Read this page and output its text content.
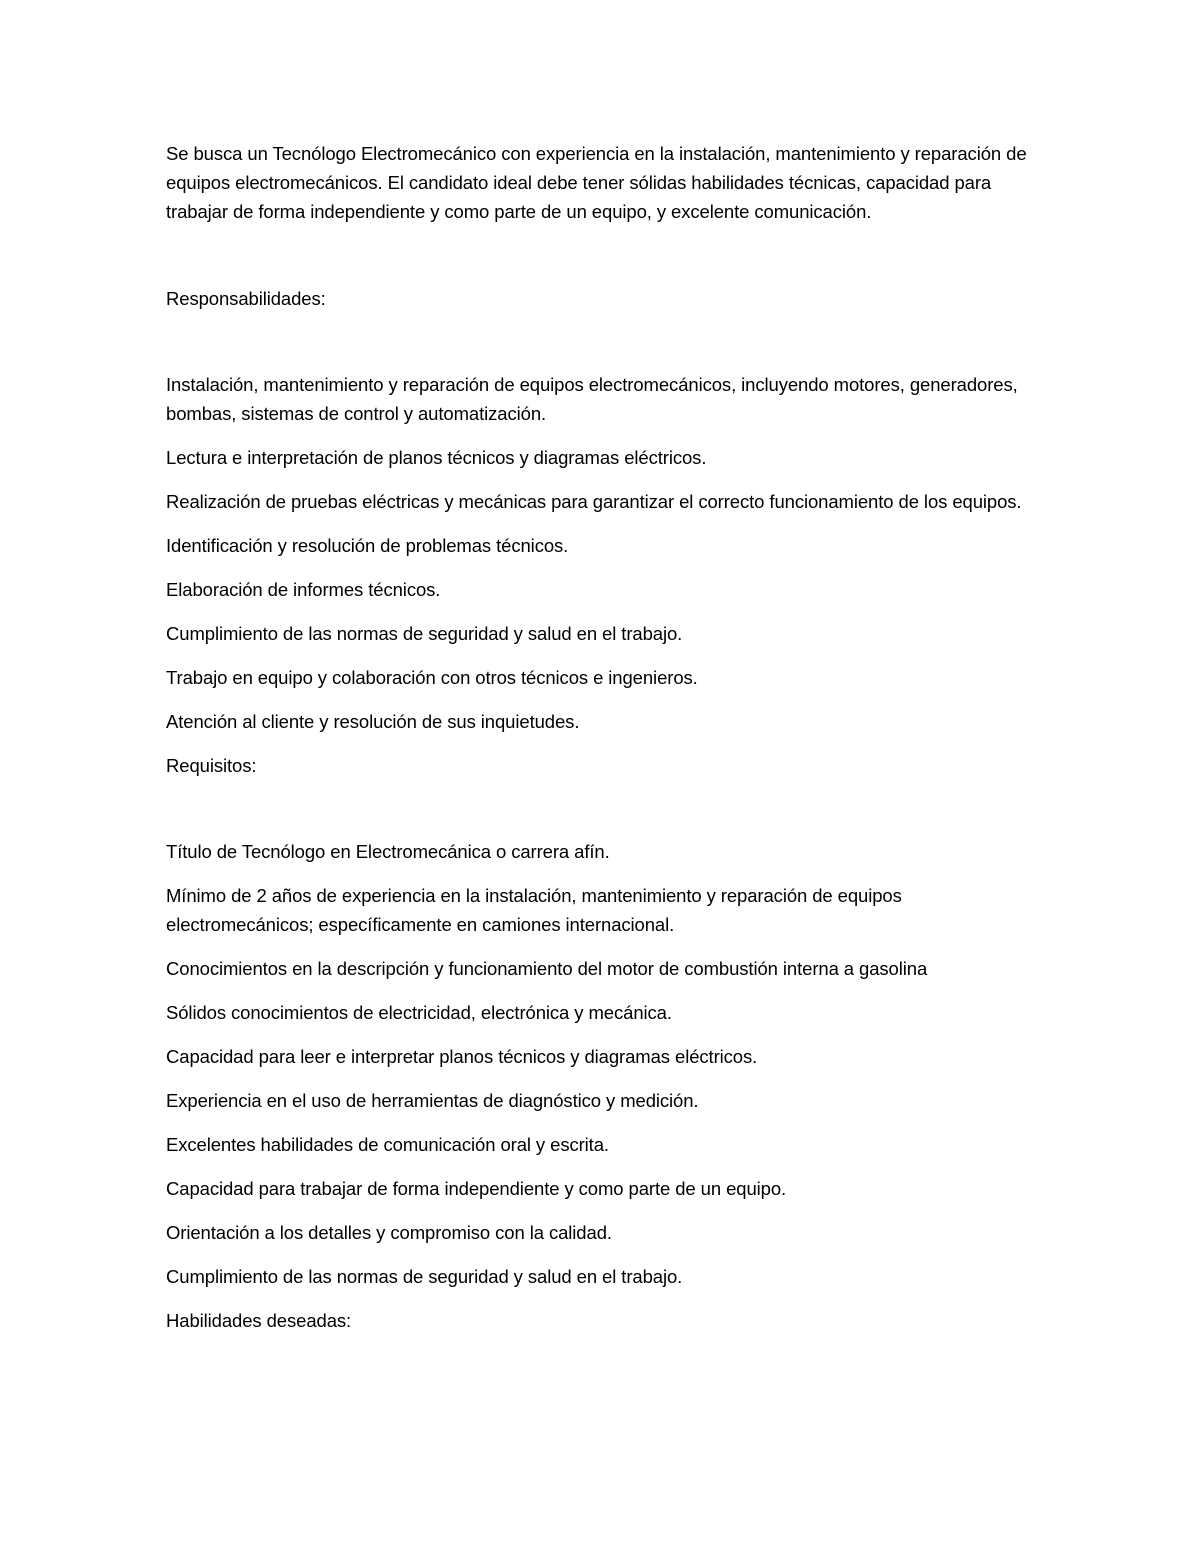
Se busca un Tecnólogo Electromecánico con experiencia en la instalación, mantenimiento y reparación de equipos electromecánicos. El candidato ideal debe tener sólidas habilidades técnicas, capacidad para trabajar de forma independiente y como parte de un equipo, y excelente comunicación.

Responsabilidades:

Instalación, mantenimiento y reparación de equipos electromecánicos, incluyendo motores, generadores, bombas, sistemas de control y automatización.

Lectura e interpretación de planos técnicos y diagramas eléctricos.

Realización de pruebas eléctricas y mecánicas para garantizar el correcto funcionamiento de los equipos.

Identificación y resolución de problemas técnicos.

Elaboración de informes técnicos.

Cumplimiento de las normas de seguridad y salud en el trabajo.

Trabajo en equipo y colaboración con otros técnicos e ingenieros.

Atención al cliente y resolución de sus inquietudes.

Requisitos:

Título de Tecnólogo en Electromecánica o carrera afín.

Mínimo de 2 años de experiencia en la instalación, mantenimiento y reparación de equipos electromecánicos; específicamente en camiones internacional.

Conocimientos en la descripción y funcionamiento del motor de combustión interna a gasolina

Sólidos conocimientos de electricidad, electrónica y mecánica.

Capacidad para leer e interpretar planos técnicos y diagramas eléctricos.

Experiencia en el uso de herramientas de diagnóstico y medición.

Excelentes habilidades de comunicación oral y escrita.

Capacidad para trabajar de forma independiente y como parte de un equipo.

Orientación a los detalles y compromiso con la calidad.

Cumplimiento de las normas de seguridad y salud en el trabajo.

Habilidades deseadas:
